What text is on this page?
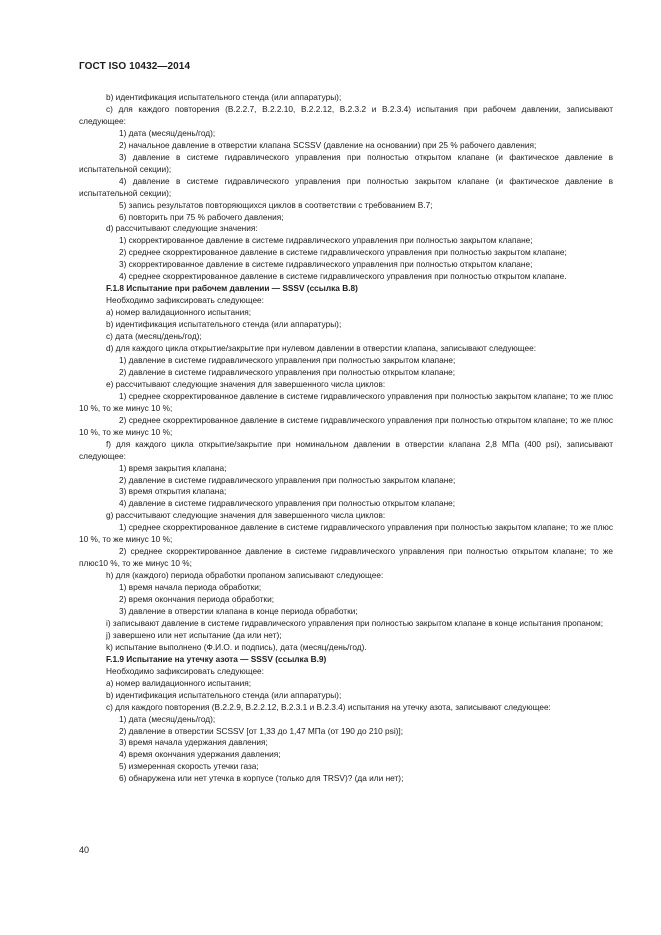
ГОСТ ISO 10432—2014

b) идентификация испытательного стенда (или аппаратуры);

с) для каждого повторения (B.2.2.7, B.2.2.10, B.2.2.12, B.2.3.2 и B.2.3.4) испытания при рабочем давлении, записывают следующее:

1) дата (месяц/день/год);

2) начальное давление в отверстии клапана SCSSV (давление на основании) при 25 % рабочего давления;

3) давление в системе гидравлического управления при полностью открытом клапане (и фактическое давление в испытательной секции);

4) давление в системе гидравлического управления при полностью закрытом клапане (и фактическое давление в испытательной секции);

5) запись результатов повторяющихся циклов в соответствии с требованием B.7;

6) повторить при 75 % рабочего давления;

d) рассчитывают следующие значения:

1) скорректированное давление в системе гидравлического управления при полностью закрытом клапане;

2) среднее скорректированное давление в системе гидравлического управления при полностью закрытом клапане;

3) скорректированное давление в системе гидравлического управления при полностью открытом клапане;

4) среднее скорректированное давление в системе гидравлического управления при полностью открытом клапане.

F.1.8 Испытание при рабочем давлении — SSSV (ссылка B.8)

Необходимо зафиксировать следующее:

a) номер валидационного испытания;

b) идентификация испытательного стенда (или аппаратуры);

с) дата (месяц/день/год);

d) для каждого цикла открытие/закрытие при нулевом давлении в отверстии клапана, записывают следующее:

1) давление в системе гидравлического управления при полностью закрытом клапане;

2) давление в системе гидравлического управления при полностью открытом клапане;

e) рассчитывают следующие значения для завершенного числа циклов:

1) среднее скорректированное давление в системе гидравлического управления при полностью закрытом клапане; то же плюс 10 %, то же минус 10 %;

2) среднее скорректированное давление в системе гидравлического управления при полностью открытом клапане; то же плюс 10 %, то же минус 10 %;

f) для каждого цикла открытие/закрытие при номинальном давлении в отверстии клапана 2,8 МПа (400 psi), записывают следующее:

1) время закрытия клапана;

2) давление в системе гидравлического управления при полностью закрытом клапане;

3) время открытия клапана;

4) давление в системе гидравлического управления при полностью открытом клапане;

g) рассчитывают следующие значения для завершенного числа циклов:

1) среднее скорректированное давление в системе гидравлического управления при полностью закрытом клапане; то же плюс 10 %, то же минус 10 %;

2) среднее скорректированное давление в системе гидравлического управления при полностью открытом клапане; то же плюс10 %, то же минус 10 %;

h) для (каждого) периода обработки пропаном записывают следующее:

1) время начала периода обработки;

2) время окончания периода обработки;

3) давление в отверстии клапана в конце периода обработки;

i) записывают давление в системе гидравлического управления при полностью закрытом клапане в конце испытания пропаном;

j) завершено или нет испытание (да или нет);

k) испытание выполнено (Ф.И.О. и подпись), дата (месяц/день/год).

F.1.9 Испытание на утечку азота — SSSV (ссылка B.9)

Необходимо зафиксировать следующее:

a) номер валидационного испытания;

b) идентификация испытательного стенда (или аппаратуры);

с) для каждого повторения (B.2.2.9, B.2.2.12, B.2.3.1 и B.2.3.4) испытания на утечку азота, записывают следующее:

1) дата (месяц/день/год);

2) давление в отверстии SCSSV [от 1,33 до 1,47 МПа (от 190 до 210 psi)];

3) время начала удержания давления;

4) время окончания удержания давления;

5) измеренная скорость утечки газа;

6) обнаружена или нет утечка в корпусе (только для TRSV)? (да или нет);

40
